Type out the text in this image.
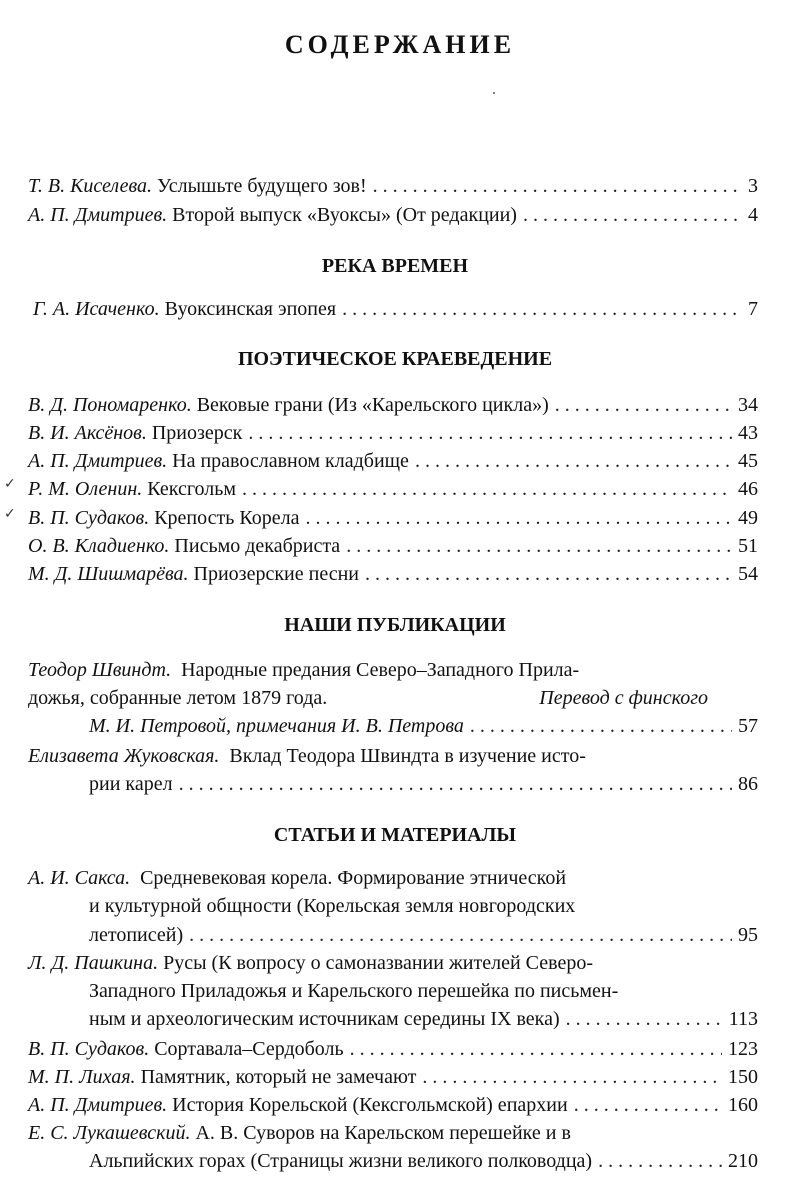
СОДЕРЖАНИЕ
Т. В. Киселева.
Услышьте будущего зов! . . .	3
А. П. Дмитриев.
Второй выпуск «Вуоксы» (От редакции) . . .	4
РЕКА ВРЕМЕН
Г. А. Исаченко.
Вуоксинская эпопея . . .	7
ПОЭТИЧЕСКОЕ КРАЕВЕДЕНИЕ
В. Д. Пономаренко.
Вековые грани (Из «Карельского цикла») . . .	34
В. И. Аксёнов.
Приозерск . . .	43
А. П. Дмитриев.
На православном кладбище . . .	45
✓ Р. М. Оленин.
Кексгольм . . .	46
✓ В. П. Судаков.
Крепость Корела . . .	49
О. В. Кладиенко.
Письмо декабриста . . .	51
М. Д. Шишмарёва.
Приозерские песни . . .	54
НАШИ ПУБЛИКАЦИИ
Теодор Швиндт.
Народные предания Северо–Западного Прила-
дожья, собранные летом 1879 года.	Перевод с финского
М. И. Петровой, примечания И. В. Петрова . . .	57
Елизавета Жуковская.
Вклад Теодора Швиндта в изучение исто-
рии карел . . .	86
СТАТЬИ И МАТЕРИАЛЫ
А. И. Сакса.
Средневековая корела. Формирование этнической
и культурной общности (Корельская земля новгородских
летописей) . . .	95
Л. Д. Пашкина.
Русы (К вопросу о самоназвании жителей Северо-
Западного Приладожья и Карельского перешейка по письмен-
ным и археологическим источникам середины IX века) . . .	113
В. П. Судаков.
Сортавала–Сердоболь . . .	123
М. П. Лихая.
Памятник, который не замечают . . .	150
А. П. Дмитриев.
История Корельской (Кексгольмской) епархии . . .	160
Е. С. Лукашевский.
А. В. Суворов на Карельском перешейке и в
Альпийских горах (Страницы жизни великого полководца) . . .	210
